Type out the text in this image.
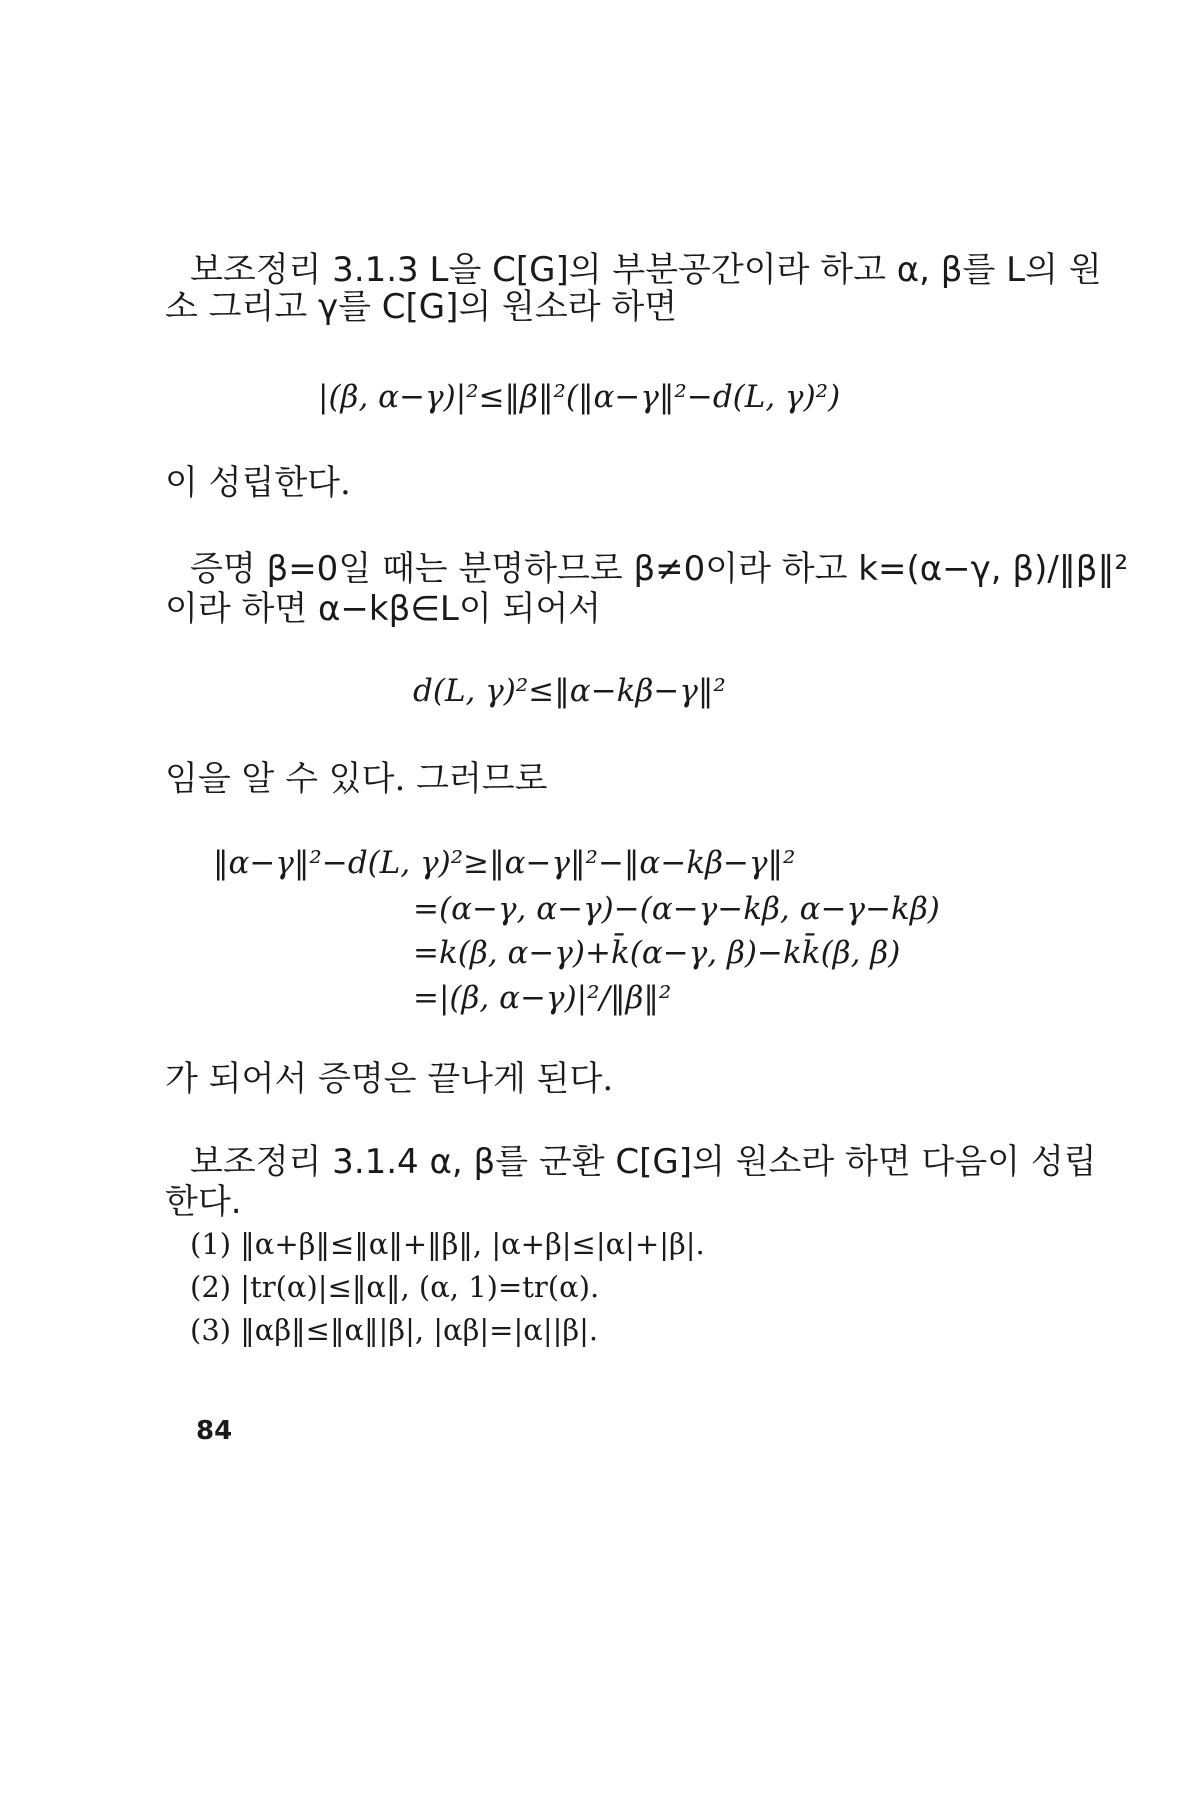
보조정리 3.1.3 L을 C[G]의 부분공간이라 하고 α, β를 L의 원
소 그리고 γ를 C[G]의 원소라 하면
|(β, α−γ)|²≤‖β‖²(‖α−γ‖²−d(L, γ)²)
이 성립한다.
증명 β=0일 때는 분명하므로 β≠0이라 하고 k=(α−γ, β)/‖β‖²
이라 하면 α−kβ∈L이 되어서
d(L, γ)²≤‖α−kβ−γ‖²
임을 알 수 있다. 그러므로
‖α−γ‖²−d(L, γ)²≥‖α−γ‖²−‖α−kβ−γ‖²
=(α−γ, α−γ)−(α−γ−kβ, α−γ−kβ)
=k(β, α−γ)+k̄(α−γ, β)−kk̄(β, β)
=|(β, α−γ)|²/‖β‖²
가 되어서 증명은 끝나게 된다.
보조정리 3.1.4 α, β를 군환 C[G]의 원소라 하면 다음이 성립
한다.
(1) ‖α+β‖≤‖α‖+‖β‖, |α+β|≤|α|+|β|.
(2) |tr(α)|≤‖α‖, (α, 1)=tr(α).
(3) ‖αβ‖≤‖α‖|β|, |αβ|=|α||β|.
84
